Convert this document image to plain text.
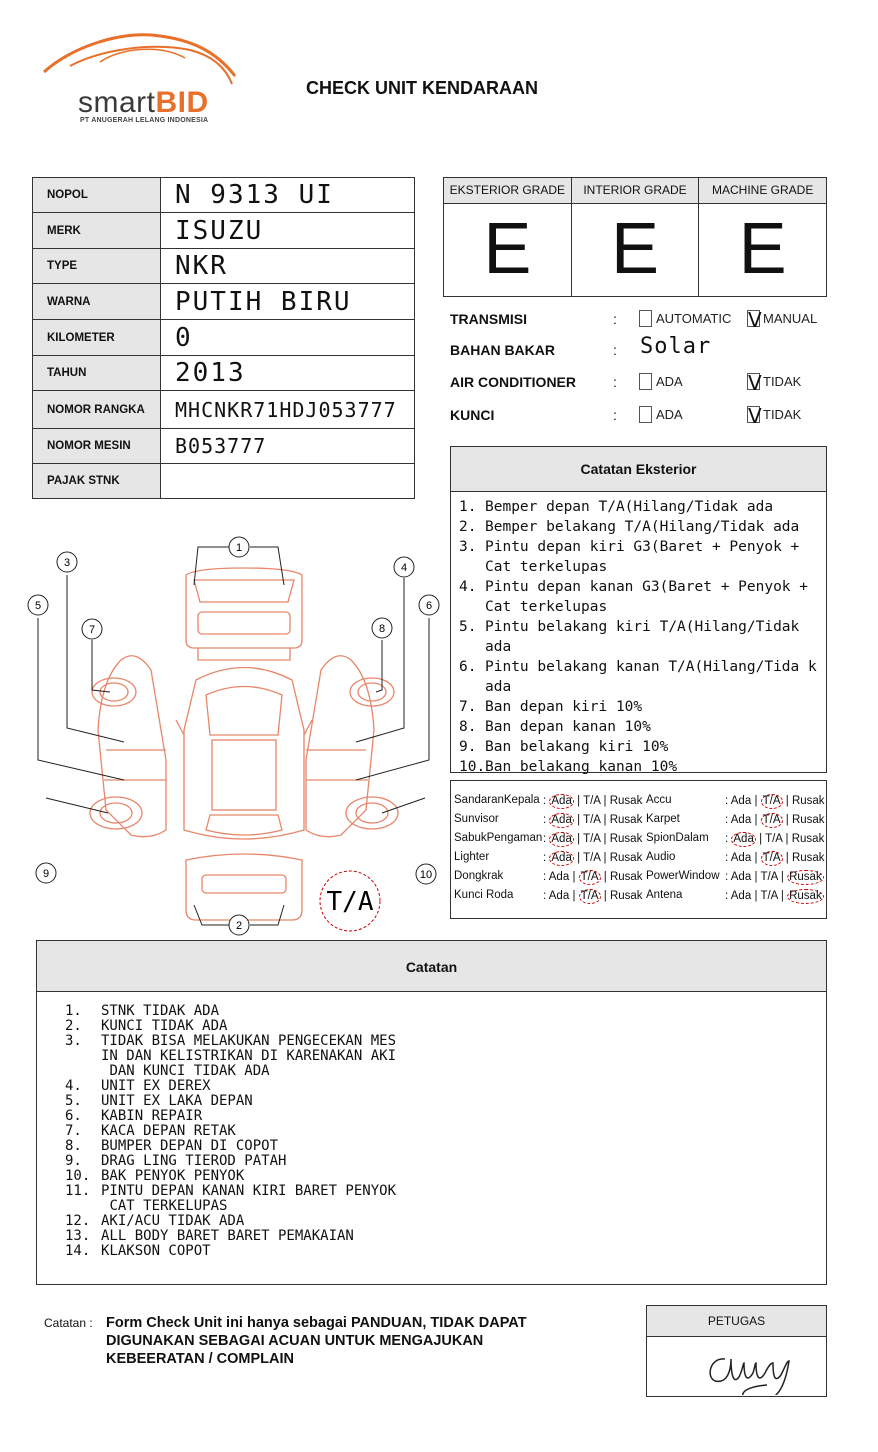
smartBID
PT ANUGERAH LELANG INDONESIA
CHECK UNIT KENDARAAN
NOPOL	N 9313 UI
MERK	ISUZU
TYPE	NKR
WARNA	PUTIH BIRU
KILOMETER	0
TAHUN	2013
NOMOR RANGKA	MHCNKR71HDJ053777
NOMOR MESIN	B053777
PAJAK STNK	
EKSTERIOR GRADE
E
INTERIOR GRADE
E
MACHINE GRADE
E
TRANSMISI	:	AUTOMATIC V MANUAL
BAHAN BAKAR	: Solar
AIR CONDITIONER	:	ADA	V TIDAK
KUNCI	:	ADA	V TIDAK
Catatan Eksterior
1. Bemper depan T/A(Hilang/Tidak ada
2. Bemper belakang T/A(Hilang/Tidak ada
3. Pintu depan kiri G3(Baret + Penyok + Cat terkelupas
4. Pintu depan kanan G3(Baret + Penyok + Cat terkelupas
5. Pintu belakang kiri T/A(Hilang/Tidak ada
6. Pintu belakang kanan T/A(Hilang/Tida k ada
7. Ban depan kiri 10%
8. Ban depan kanan 10%
9. Ban belakang kiri 10%
10. Ban belakang kanan 10%
SandaranKepala : Ada | T/A | Rusak Accu	: Ada | T/A | Rusak
Sunvisor	: Ada | T/A | Rusak Karpet	: Ada | T/A | Rusak
SabukPengaman : Ada | T/A | Rusak SpionDalam : Ada | T/A | Rusak
Lighter	: Ada | T/A | Rusak Audio	: Ada | T/A | Rusak
Dongkrak	: Ada | T/A | Rusak PowerWindow : Ada | T/A | Rusak
Kunci Roda	: Ada | T/A | Rusak Antena	: Ada | T/A | Rusak
1
2
3	4
5	6
7	8
9	10
T/A
Catatan
1.	STNK TIDAK ADA
2.	KUNCI TIDAK ADA
3.	TIDAK BISA MELAKUKAN PENGECEKAN MES
IN DAN KELISTRIKAN DI KARENAKAN AKI
DAN KUNCI TIDAK ADA
4.	UNIT EX DEREX
5.	UNIT EX LAKA DEPAN
6.	KABIN REPAIR
7.	KACA DEPAN RETAK
8.	BUMPER DEPAN DI COPOT
9.	DRAG LING TIEROD PATAH
10. BAK PENYOK PENYOK
11. PINTU DEPAN KANAN KIRI BARET PENYOK
CAT TERKELUPAS
12. AKI/ACU TIDAK ADA
13. ALL BODY BARET BARET PEMAKAIAN
14. KLAKSON COPOT
Catatan : Form Check Unit ini hanya sebagai PANDUAN, TIDAK DAPAT DIGUNAKAN SEBAGAI ACUAN UNTUK MENGAJUKAN KEBEERATAN / COMPLAIN
PETUGAS
